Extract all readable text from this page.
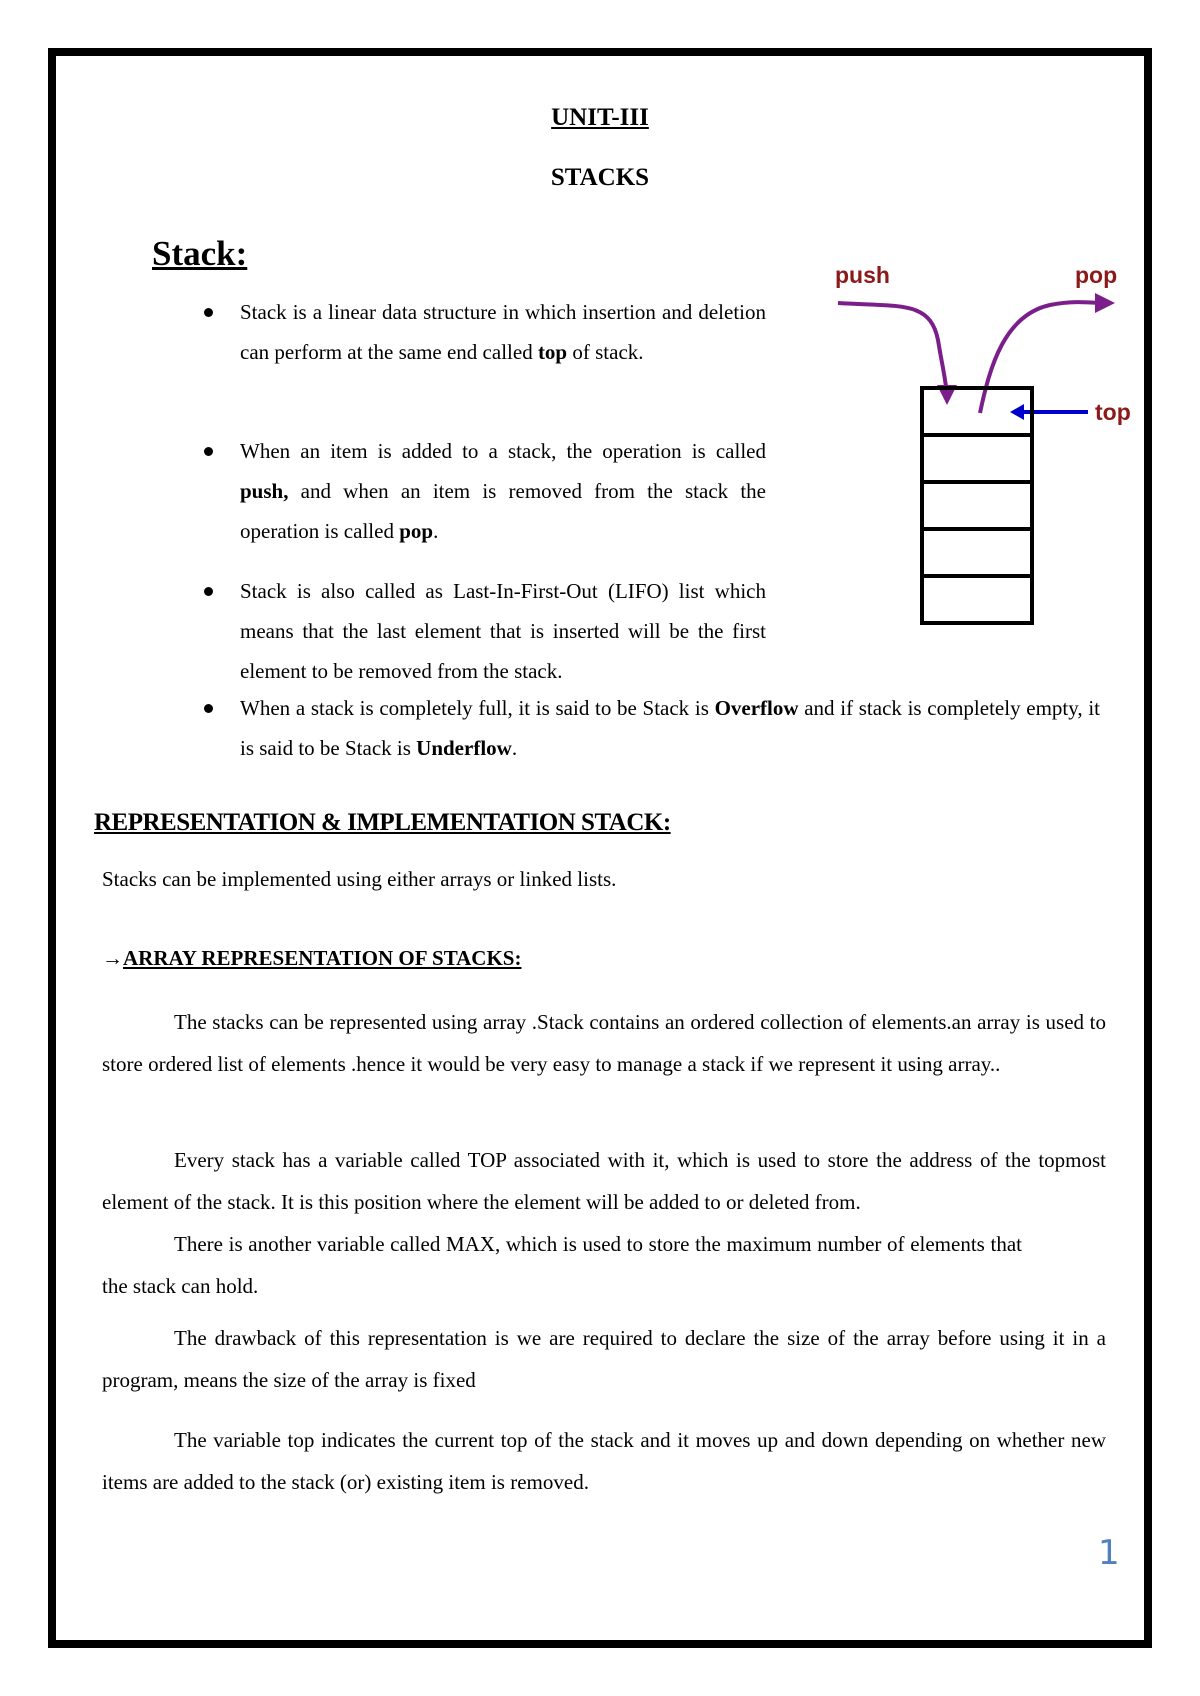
UNIT-III
STACKS
Stack:
Stack is a linear data structure in which insertion and deletion can perform at the same end called top of stack.
When an item is added to a stack, the operation is called push, and when an item is removed from the stack the operation is called pop.
Stack is also called as Last-In-First-Out (LIFO) list which means that the last element that is inserted will be the first element to be removed from the stack.
When a stack is completely full, it is said to be Stack is Overflow and if stack is completely empty, it is said to be Stack is Underflow.
push	pop
top
REPRESENTATION & IMPLEMENTATION STACK:
Stacks can be implemented using either arrays or linked lists.
→ARRAY REPRESENTATION OF STACKS:
The stacks can be represented using array .Stack contains an ordered collection of elements.an array is used to store ordered list of elements .hence it would be very easy to manage a stack if we represent it using array..
Every stack has a variable called TOP associated with it, which is used to store the address of the topmost element of the stack. It is this position where the element will be added to or deleted from.
There is another variable called MAX, which is used to store the maximum number of elements that the stack can hold.
The drawback of this representation is we are required to declare the size of the array before using it in a program, means the size of the array is fixed
The variable top indicates the current top of the stack and it moves up and down depending on whether new items are added to the stack (or) existing item is removed.
1
